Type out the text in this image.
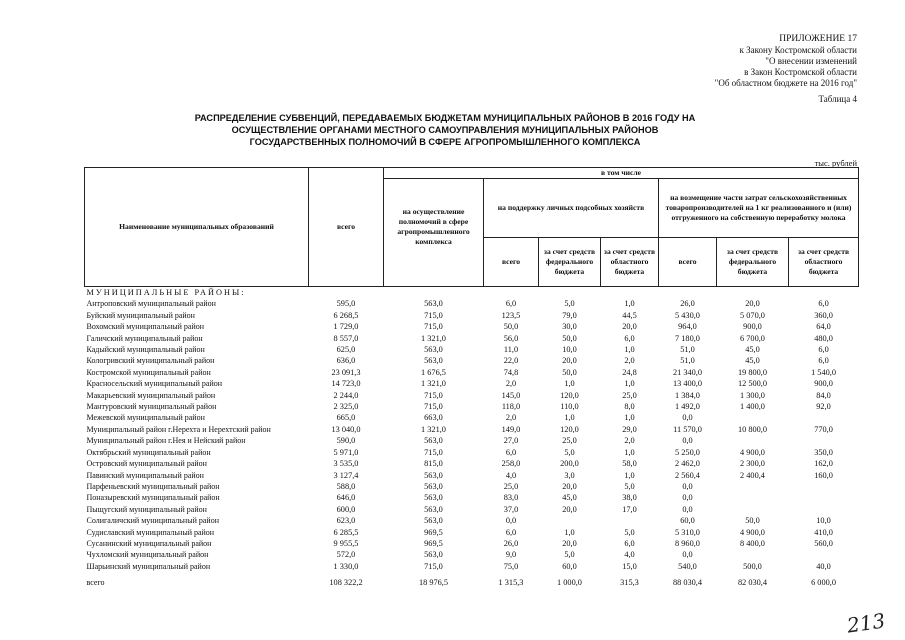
ПРИЛОЖЕНИЕ 17
к Закону Костромской области
"О внесении изменений
в Закон Костромской области
"Об областном бюджете на 2016 год"
Таблица 4
РАСПРЕДЕЛЕНИЕ СУБВЕНЦИЙ, ПЕРЕДАВАЕМЫХ БЮДЖЕТАМ МУНИЦИПАЛЬНЫХ РАЙОНОВ В 2016 ГОДУ НА
ОСУЩЕСТВЛЕНИЕ ОРГАНАМИ МЕСТНОГО САМОУПРАВЛЕНИЯ МУНИЦИПАЛЬНЫХ РАЙОНОВ
ГОСУДАРСТВЕННЫХ ПОЛНОМОЧИЙ В СФЕРЕ АГРОПРОМЫШЛЕННОГО КОМПЛЕКСА
тыс. рублей
Наименование муниципальных образований	всего	в том числе						
		на осуществление полномочий в сфере агропромышленного комплекса	на поддержку личных подсобных хозяйств			на возмещение части затрат сельскохозяйственных товаропроизводителей на 1 кг реализованного и (или) отгруженного на собственную переработку молока		
			всего	за счет средств федерального бюджета	за счет средств областного бюджета	всего	за счет средств федерального бюджета	за счет средств областного бюджета
МУНИЦИПАЛЬНЫЕ РАЙОНЫ:								
Антроповский муниципальный район	595,0	563,0	6,0	5,0	1,0	26,0	20,0	6,0
Буйский муниципальный район	6 268,5	715,0	123,5	79,0	44,5	5 430,0	5 070,0	360,0
Вохомский муниципальный район	1 729,0	715,0	50,0	30,0	20,0	964,0	900,0	64,0
Галичский муниципальный район	8 557,0	1 321,0	56,0	50,0	6,0	7 180,0	6 700,0	480,0
Кадыйский муниципальный район	625,0	563,0	11,0	10,0	1,0	51,0	45,0	6,0
Кологривский муниципальный район	636,0	563,0	22,0	20,0	2,0	51,0	45,0	6,0
Костромской муниципальный район	23 091,3	1 676,5	74,8	50,0	24,8	21 340,0	19 800,0	1 540,0
Красносельский муниципальный район	14 723,0	1 321,0	2,0	1,0	1,0	13 400,0	12 500,0	900,0
Макарьевский муниципальный район	2 244,0	715,0	145,0	120,0	25,0	1 384,0	1 300,0	84,0
Мантуровский муниципальный район	2 325,0	715,0	118,0	110,0	8,0	1 492,0	1 400,0	92,0
Межевской муниципальный район	665,0	663,0	2,0	1,0	1,0	0,0		
Муниципальный район г.Нерехта и Нерехтский район	13 040,0	1 321,0	149,0	120,0	29,0	11 570,0	10 800,0	770,0
Муниципальный район г.Нея и Нейский район	590,0	563,0	27,0	25,0	2,0	0,0		
Октябрьский муниципальный район	5 971,0	715,0	6,0	5,0	1,0	5 250,0	4 900,0	350,0
Островский муниципальный район	3 535,0	815,0	258,0	200,0	58,0	2 462,0	2 300,0	162,0
Павинский муниципальный район	3 127,4	563,0	4,0	3,0	1,0	2 560,4	2 400,4	160,0
Парфеньевский муниципальный район	588,0	563,0	25,0	20,0	5,0	0,0		
Поназыревский муниципальный район	646,0	563,0	83,0	45,0	38,0	0,0		
Пыщугский муниципальный район	600,0	563,0	37,0	20,0	17,0	0,0		
Солигаличский муниципальный район	623,0	563,0	0,0			60,0	50,0	10,0
Судиславский муниципальный район	6 285,5	969,5	6,0	1,0	5,0	5 310,0	4 900,0	410,0
Сусанинский муниципальный район	9 955,5	969,5	26,0	20,0	6,0	8 960,0	8 400,0	560,0
Чухломский муниципальный район	572,0	563,0	9,0	5,0	4,0	0,0		
Шарьинский муниципальный район	1 330,0	715,0	75,0	60,0	15,0	540,0	500,0	40,0
всего	108 322,2	18 976,5	1 315,3	1 000,0	315,3	88 030,4	82 030,4	6 000,0
213
